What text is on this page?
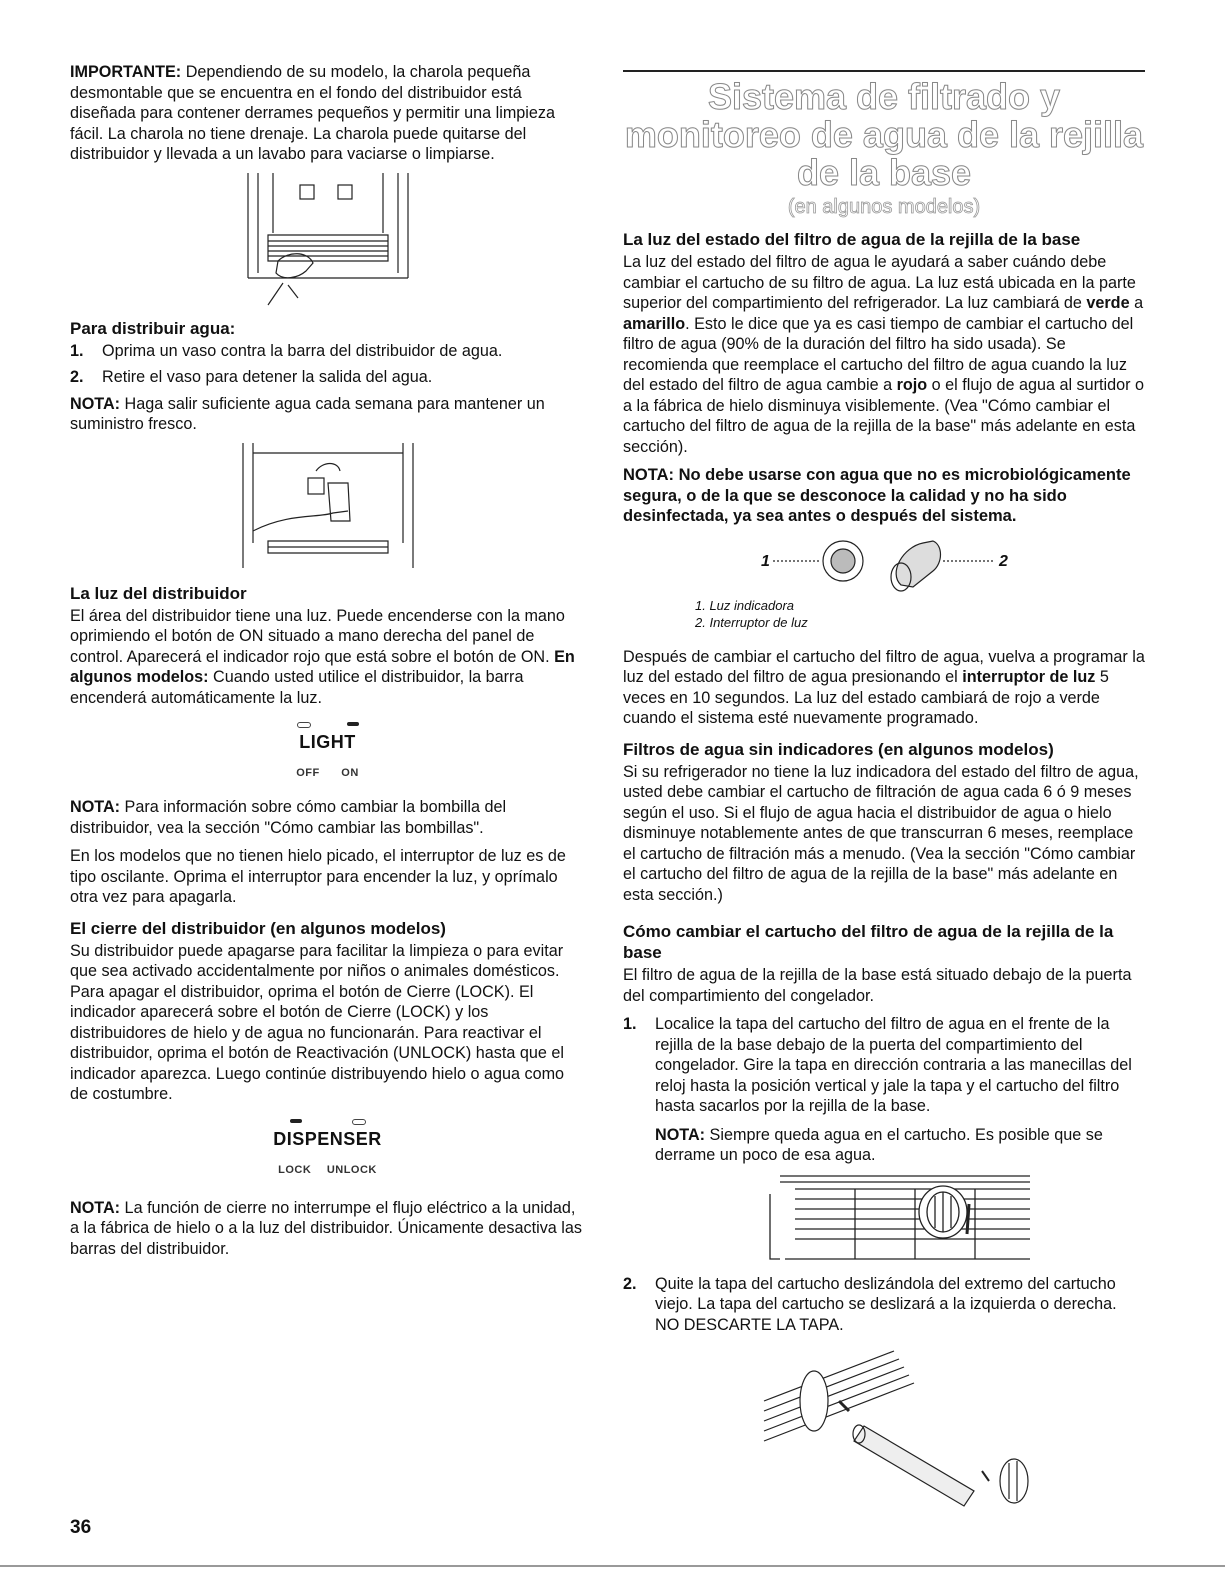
IMPORTANTE: Dependiendo de su modelo, la charola pequeña desmontable que se encuentra en el fondo del distribuidor está diseñada para contener derrames pequeños y permitir una limpieza fácil. La charola no tiene drenaje. La charola puede quitarse del distribuidor y llevada a un lavabo para vaciarse o limpiarse.

Para distribuir agua:
1. Oprima un vaso contra la barra del distribuidor de agua.
2. Retire el vaso para detener la salida del agua.

NOTA: Haga salir suficiente agua cada semana para mantener un suministro fresco.

La luz del distribuidor

El área del distribuidor tiene una luz. Puede encenderse con la mano oprimiendo el botón de ON situado a mano derecha del panel de control. Aparecerá el indicador rojo que está sobre el botón de ON. En algunos modelos: Cuando usted utilice el distribuidor, la barra encenderá automáticamente la luz.

LIGHT
OFF ON

NOTA: Para información sobre cómo cambiar la bombilla del distribuidor, vea la sección "Cómo cambiar las bombillas".

En los modelos que no tienen hielo picado, el interruptor de luz es de tipo oscilante. Oprima el interruptor para encender la luz, y oprímalo otra vez para apagarla.

El cierre del distribuidor (en algunos modelos)

Su distribuidor puede apagarse para facilitar la limpieza o para evitar que sea activado accidentalmente por niños o animales domésticos. Para apagar el distribuidor, oprima el botón de Cierre (LOCK). El indicador aparecerá sobre el botón de Cierre (LOCK) y los distribuidores de hielo y de agua no funcionarán. Para reactivar el distribuidor, oprima el botón de Reactivación (UNLOCK) hasta que el indicador aparezca. Luego continúe distribuyendo hielo o agua como de costumbre.

DISPENSER
LOCK UNLOCK

NOTA: La función de cierre no interrumpe el flujo eléctrico a la unidad, a la fábrica de hielo o a la luz del distribuidor. Únicamente desactiva las barras del distribuidor.

Sistema de filtrado y monitoreo de agua de la rejilla de la base
(en algunos modelos)
La luz del estado del filtro de agua de la rejilla de la base

La luz del estado del filtro de agua le ayudará a saber cuándo debe cambiar el cartucho de su filtro de agua. La luz está ubicada en la parte superior del compartimiento del refrigerador. La luz cambiará de verde a amarillo. Esto le dice que ya es casi tiempo de cambiar el cartucho del filtro de agua (90% de la duración del filtro ha sido usada). Se recomienda que reemplace el cartucho del filtro de agua cuando la luz del estado del filtro de agua cambie a rojo o el flujo de agua al surtidor o a la fábrica de hielo disminuya visiblemente. (Vea "Cómo cambiar el cartucho del filtro de agua de la rejilla de la base" más adelante en esta sección).

NOTA: No debe usarse con agua que no es microbiológicamente segura, o de la que se desconoce la calidad y no ha sido desinfectada, ya sea antes o después del sistema.

1	2

1. Luz indicadora

2. Interruptor de luz

Después de cambiar el cartucho del filtro de agua, vuelva a programar la luz del estado del filtro de agua presionando el interruptor de luz 5 veces en 10 segundos. La luz del estado cambiará de rojo a verde cuando el sistema esté nuevamente programado.

Filtros de agua sin indicadores (en algunos modelos)

Si su refrigerador no tiene la luz indicadora del estado del filtro de agua, usted debe cambiar el cartucho de filtración de agua cada 6 ó 9 meses según el uso. Si el flujo de agua hacia el distribuidor de agua o hielo disminuye notablemente antes de que transcurran 6 meses, reemplace el cartucho de filtración más a menudo. (Vea la sección "Cómo cambiar el cartucho del filtro de agua de la rejilla de la base" más adelante en esta sección.)

Cómo cambiar el cartucho del filtro de agua de la rejilla de la base

El filtro de agua de la rejilla de la base está situado debajo de la puerta del compartimiento del congelador.

1. Localice la tapa del cartucho del filtro de agua en el frente de la rejilla de la base debajo de la puerta del compartimiento del congelador. Gire la tapa en dirección contraria a las manecillas del reloj hasta la posición vertical y jale la tapa y el cartucho del filtro hasta sacarlos por la rejilla de la base.

NOTA: Siempre queda agua en el cartucho. Es posible que se derrame un poco de esa agua.

2. Quite la tapa del cartucho deslizándola del extremo del cartucho viejo. La tapa del cartucho se deslizará a la izquierda o derecha. NO DESCARTE LA TAPA.
36
